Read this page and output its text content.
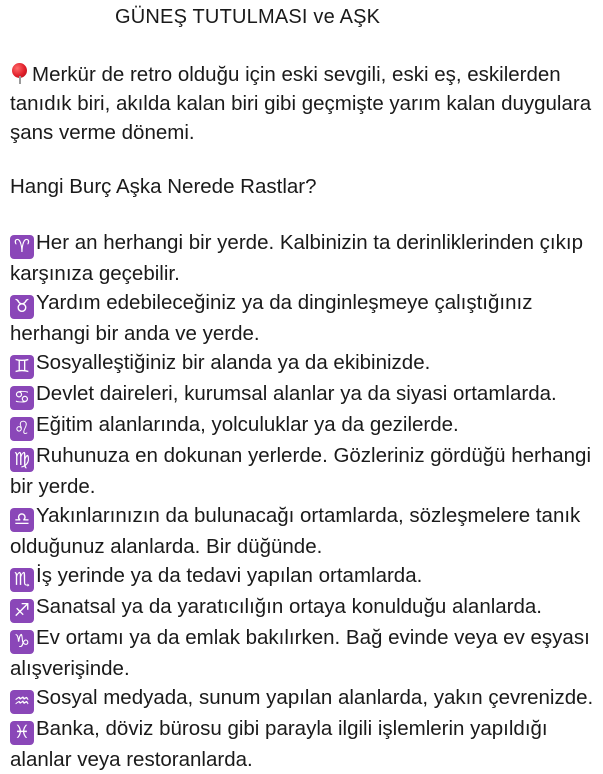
GÜNEŞ TUTULMASI ve AŞK

Merkür de retro olduğu için eski sevgili, eski eş, eskilerden tanıdık biri, akılda kalan biri gibi geçmişte yarım kalan duygulara şans verme dönemi.

Hangi Burç Aşka Nerede Rastlar?

♈ Her an herhangi bir yerde. Kalbinizin ta derinliklerinden çıkıp karşınıza geçebilir.

♉ Yardım edebileceğiniz ya da dinginleşmeye çalıştığınız herhangi bir anda ve yerde.

♊ Sosyalleştiğiniz bir alanda ya da ekibinizde.

♋ Devlet daireleri, kurumsal alanlar ya da siyasi ortamlarda.

♌ Eğitim alanlarında, yolculuklar ya da gezilerde.

♍ Ruhunuza en dokunan yerlerde. Gözleriniz gördüğü herhangi bir yerde.

♎ Yakınlarınızın da bulunacağı ortamlarda, sözleşmelere tanık olduğunuz alanlarda. Bir düğünde.

♏ İş yerinde ya da tedavi yapılan ortamlarda.

♐ Sanatsal ya da yaratıcılığın ortaya konulduğu alanlarda.

♑ Ev ortamı ya da emlak bakılırken. Bağ evinde veya ev eşyası alışverişinde.

♒ Sosyal medyada, sunum yapılan alanlarda, yakın çevrenizde.

♓ Banka, döviz bürosu gibi parayla ilgili işlemlerin yapıldığı alanlar veya restoranlarda.
